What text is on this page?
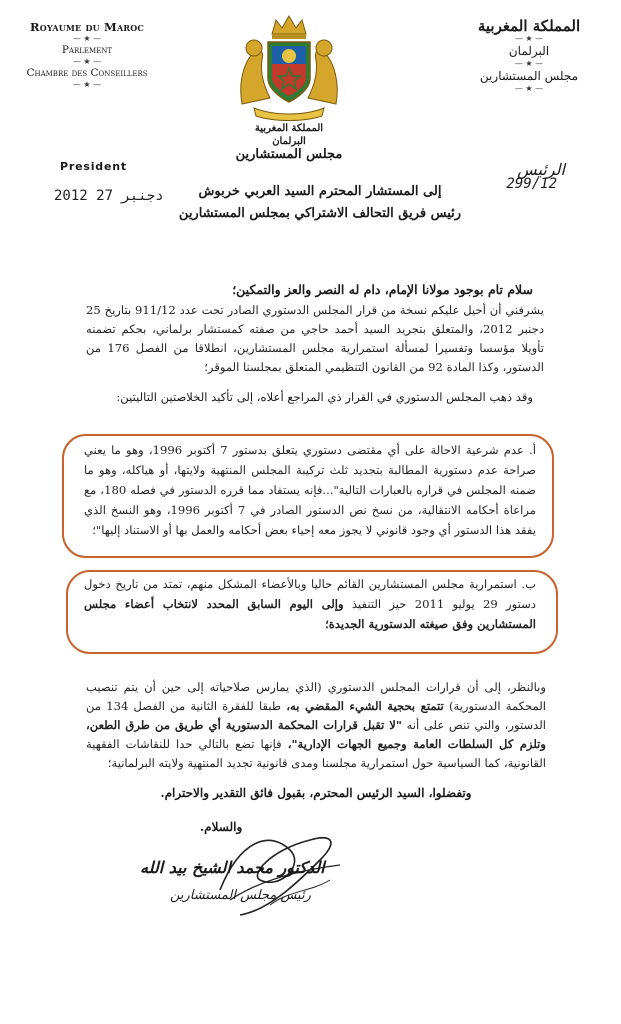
Royaume du Maroc
— ★ —
Parlement
— ★ —
Chambre des Conseillers
— ★ —
المملكة المغربية
— ★ —
البرلمان
— ★ —
مجلس المستشارين
— ★ —
المملكة المغربية
البرلمان
مجلس المستشارين
President
2012 دجنبر 27
الرئيس
299/12
إلى المستشار المحترم السيد العربي خربوش
رئيس فريق التحالف الاشتراكي بمجلس المستشارين
سلام تام بوجود مولانا الإمام، دام له النصر والعز والتمكين؛
يشرفني أن أحيل عليكم نسخة من قرار المجلس الدستوري الصادر تحت عدد 911/12 بتاريخ 25 دجنبر 2012، والمتعلق بتجريد السيد أحمد حاجي من صفته كمستشار برلماني، بحكم تضمنه تأويلا مؤسسا وتفسيرا لمسألة استمرارية مجلس المستشارين، انطلاقا من الفصل 176 من الدستور، وكذا المادة 92 من القانون التنظيمي المتعلق بمجلسنا الموقر؛
وقد ذهب المجلس الدستوري في القرار ذي المراجع أعلاه، إلى تأكيد الخلاصتين التاليتين:
أ. عدم شرعية الاحالة على أي مقتضى دستوري يتعلق بدستور 7 أكتوبر 1996، وهو ما يعني صراحة عدم دستورية المطالبة بتجديد ثلث تركيبة المجلس المنتهية ولايتها، أو هياكله، وهو ما ضمنه المجلس في قراره بالعبارات التالية"...فإنه يستفاد مما قرره الدستور في فصله 180، مع مراعاة أحكامه الانتقالية، من نسخ نص الدستور الصادر في 7 أكتوبر 1996، وهو النسخ الذي يفقد هذا الدستور أي وجود قانوني لا يجوز معه إحياء بعض أحكامه والعمل بها أو الاستناد إليها"؛
ب. استمرارية مجلس المستشارين القائم حاليا وبالأعضاء المشكل منهم، تمتد من تاريخ دخول دستور 29 يوليو 2011 حيز التنفيذ وإلى اليوم السابق المحدد لانتخاب أعضاء مجلس المستشارين وفق صيغته الدستورية الجديدة؛
وبالنظر، إلى أن قرارات المجلس الدستوري (الذي يمارس صلاحياته إلى حين أن يتم تنصيب المحكمة الدستورية) تتمتع بحجية الشيء المقضي به، طبقا للفقرة الثانية من الفصل 134 من الدستور، والتي تنص على أنه "لا تقبل قرارات المحكمة الدستورية أي طريق من طرق الطعن، وتلزم كل السلطات العامة وجميع الجهات الإدارية"، فإنها تضع بالتالي حدا للنقاشات الفقهية القانونية، كما السياسية حول استمرارية مجلسنا ومدى قانونية تجديد المنتهية ولايته البرلمانية؛
وتفضلوا، السيد الرئيس المحترم، بقبول فائق التقدير والاحترام.
والسلام.
الدكتور محمد الشيخ بيد الله
رئيس مجلس المستشارين
